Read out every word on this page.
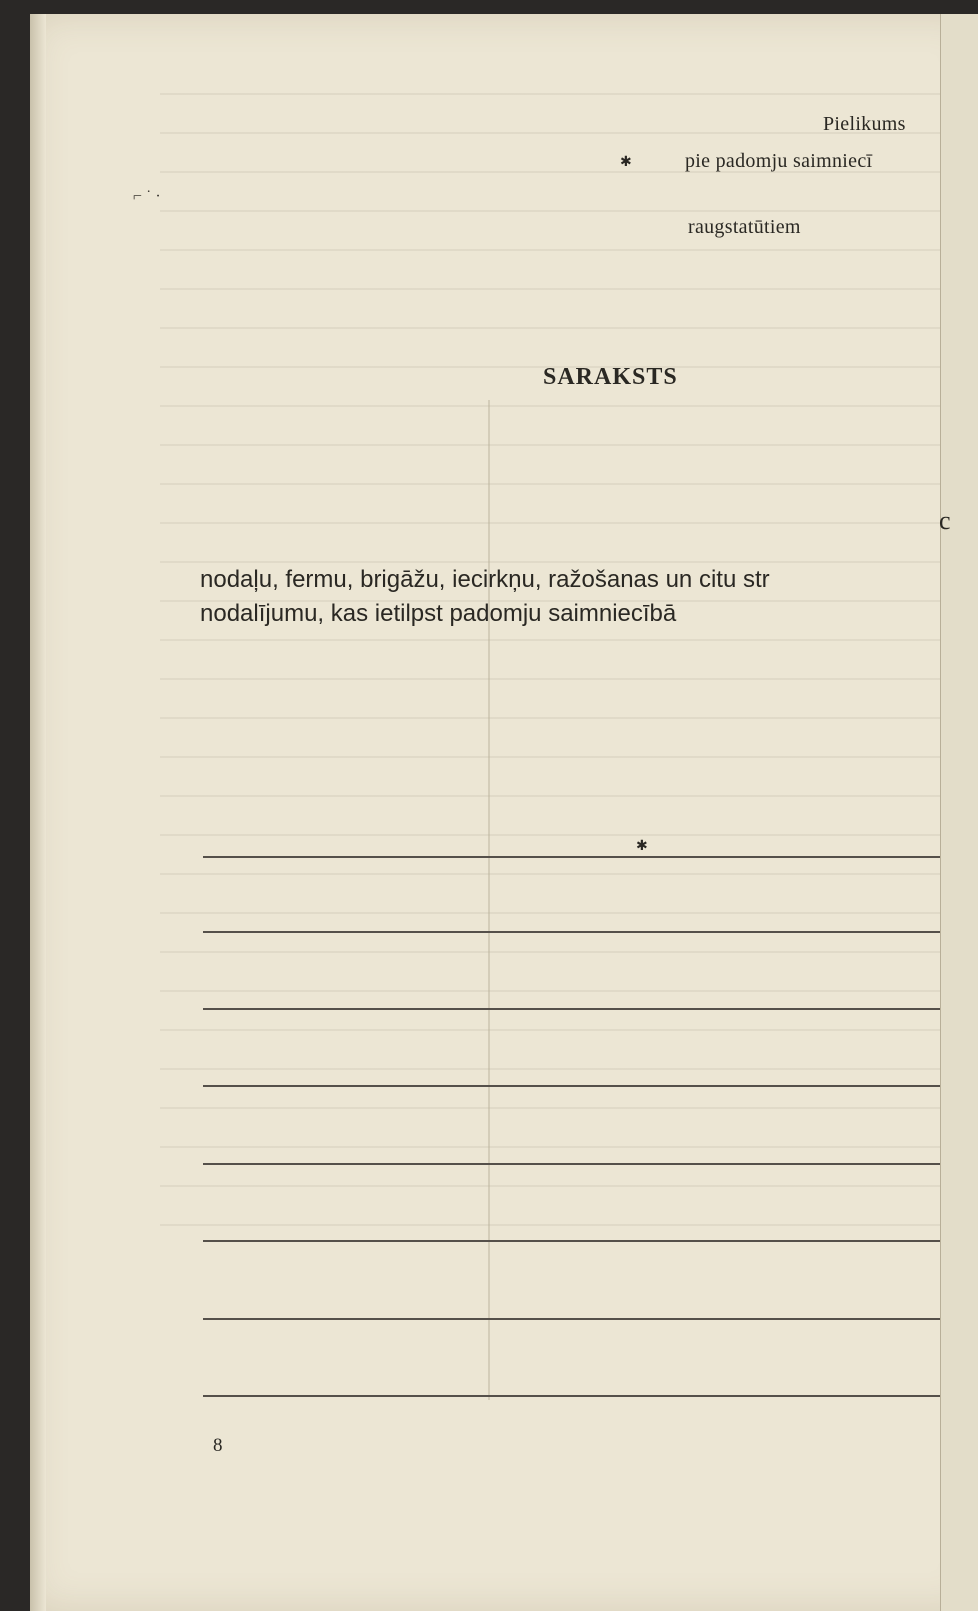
c
Pielikums
pie padomju saimniecī
raugstatūtiem
✱
✱
⌐ ˙ ·
SARAKSTS
nodaļu, fermu, brigāžu, iecirkņu, ražošanas un citu str
nodalījumu, kas ietilpst padomju saimniecībā
8
